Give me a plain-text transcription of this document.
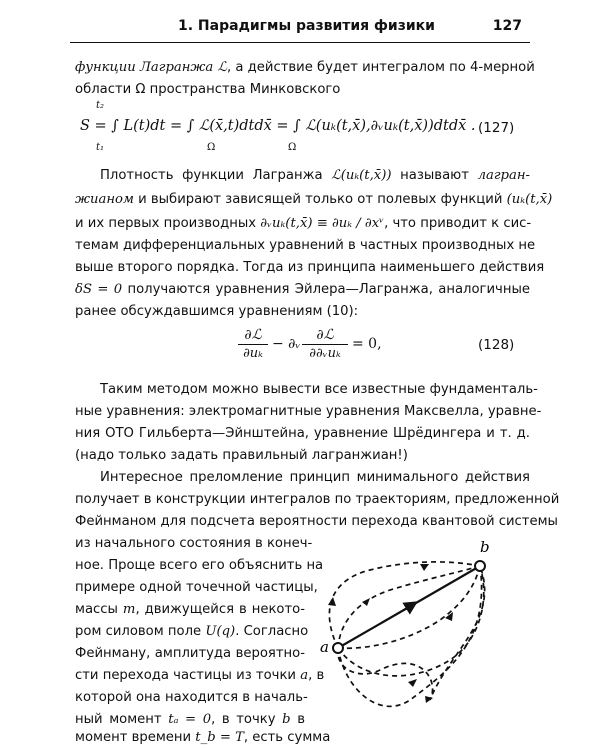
1. Парадигмы развития физики	127
функции Лагранжа ℒ, а действие будет интегралом по 4-мерной
области Ω пространства Минковского
t₂
t₁
S = ∫ L(t)dt = ∫ ℒ(x̄,t)dtdx̄ = ∫ ℒ(uₖ(t,x̄),∂ᵥuₖ(t,x̄))dtdx̄ .
Ω	Ω
(127)
Плотность функции Лагранжа ℒ(uₖ(t,x̄)) называют лагран-
жианом и выбирают зависящей только от полевых функций (uₖ(t,x̄)
и их первых производных ∂ᵥuₖ(t,x̄) ≡ ∂uₖ / ∂xᵛ, что приводит к сис-
темам дифференциальных уравнений в частных производных не
выше второго порядка. Тогда из принципа наименьшего действия
δS = 0 получаются уравнения Эйлера—Лагранжа, аналогичные
ранее обсуждавшимся уравнениям (10):
∂ℒ
∂uₖ
− ∂ᵥ
∂ℒ
∂∂ᵥuₖ
= 0,	(128)
Таким методом можно вывести все известные фундаменталь-
ные уравнения: электромагнитные уравнения Максвелла, уравне-
ния ОТО Гильберта—Эйнштейна, уравнение Шрёдингера и т. д.
(надо только задать правильный лагранжиан!)
Интересное преломление принцип минимального действия
получает в конструкции интегралов по траекториям, предложенной
Фейнманом для подсчета вероятности перехода квантовой системы
из начального состояния в конеч-
ное. Проще всего его объяснить на
примере одной точечной частицы,
массы m, движущейся в некото-
ром силовом поле U(q). Согласно
Фейнману, амплитуда вероятно-
сти перехода частицы из точки a, в
которой она находится в началь-
ный момент tₐ = 0, в точку b в
момент времени t_b = T, есть сумма
a
b
